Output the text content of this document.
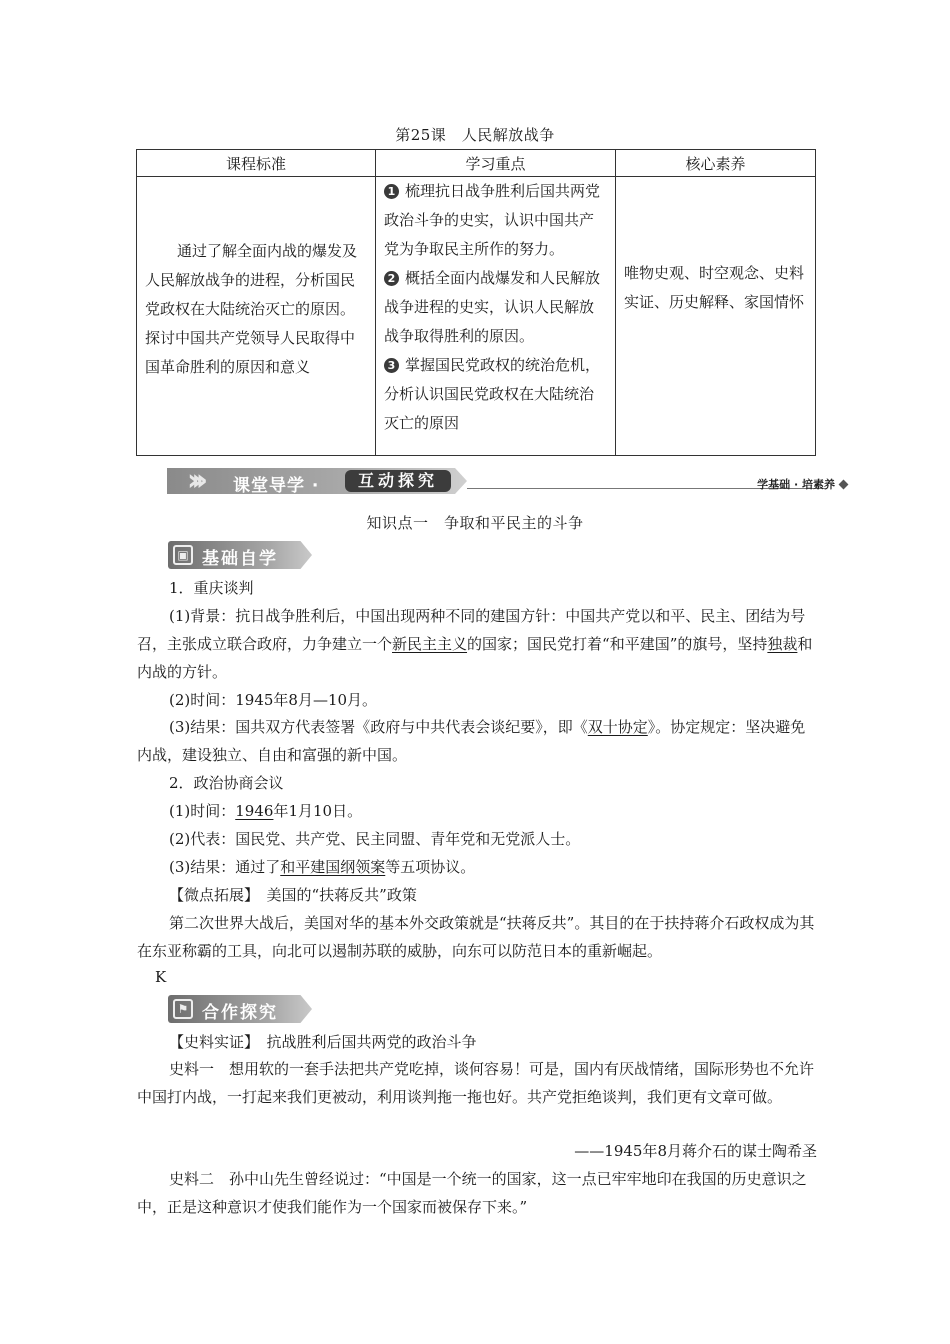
第25课　人民解放战争
课程标准	学习重点	核心素养

通过了解全面内战的爆发及人民解放战争的进程，分析国民党政权在大陆统治灭亡的原因。探讨中国共产党领导人民取得中国革命胜利的原因和意义	1 梳理抗日战争胜利后国共两党政治斗争的史实，认识中国共产党为争取民主所作的努力。
2 概括全面内战爆发和人民解放战争进程的史实，认识人民解放战争取得胜利的原因。
3 掌握国民党政权的统治危机，分析认识国民党政权在大陆统治灭亡的原因	唯物史观、时空观念、史料实证、历史解释、家国情怀
››› 课堂导学 ·	互动探究	学基础 · 培素养
知识点一　争取和平民主的斗争
▣ 基础自学
1．重庆谈判
(1)背景：抗日战争胜利后，中国出现两种不同的建国方针：中国共产党以和平、民主、团结为号召，主张成立联合政府，力争建立一个新民主主义的国家；国民党打着“和平建国”的旗号，坚持独裁和内战的方针。
(2)时间：1945年8月—10月。
(3)结果：国共双方代表签署《政府与中共代表会谈纪要》，即《双十协定》。协定规定：坚决避免内战，建设独立、自由和富强的新中国。
2．政治协商会议
(1)时间：1946年1月10日。
(2)代表：国民党、共产党、民主同盟、青年党和无党派人士。
(3)结果：通过了和平建国纲领案等五项协议。
【微点拓展】　美国的“扶蒋反共”政策
第二次世界大战后，美国对华的基本外交政策就是“扶蒋反共”。其目的在于扶持蒋介石政权成为其在东亚称霸的工具，向北可以遏制苏联的威胁，向东可以防范日本的重新崛起。
K
⚑ 合作探究
【史料实证】　抗战胜利后国共两党的政治斗争
史料一　想用软的一套手法把共产党吃掉，谈何容易！可是，国内有厌战情绪，国际形势也不允许中国打内战，一打起来我们更被动，利用谈判拖一拖也好。共产党拒绝谈判，我们更有文章可做。
——1945年8月蒋介石的谋士陶希圣
史料二　孙中山先生曾经说过：“中国是一个统一的国家，这一点已牢牢地印在我国的历史意识之中，正是这种意识才使我们能作为一个国家而被保存下来。”
